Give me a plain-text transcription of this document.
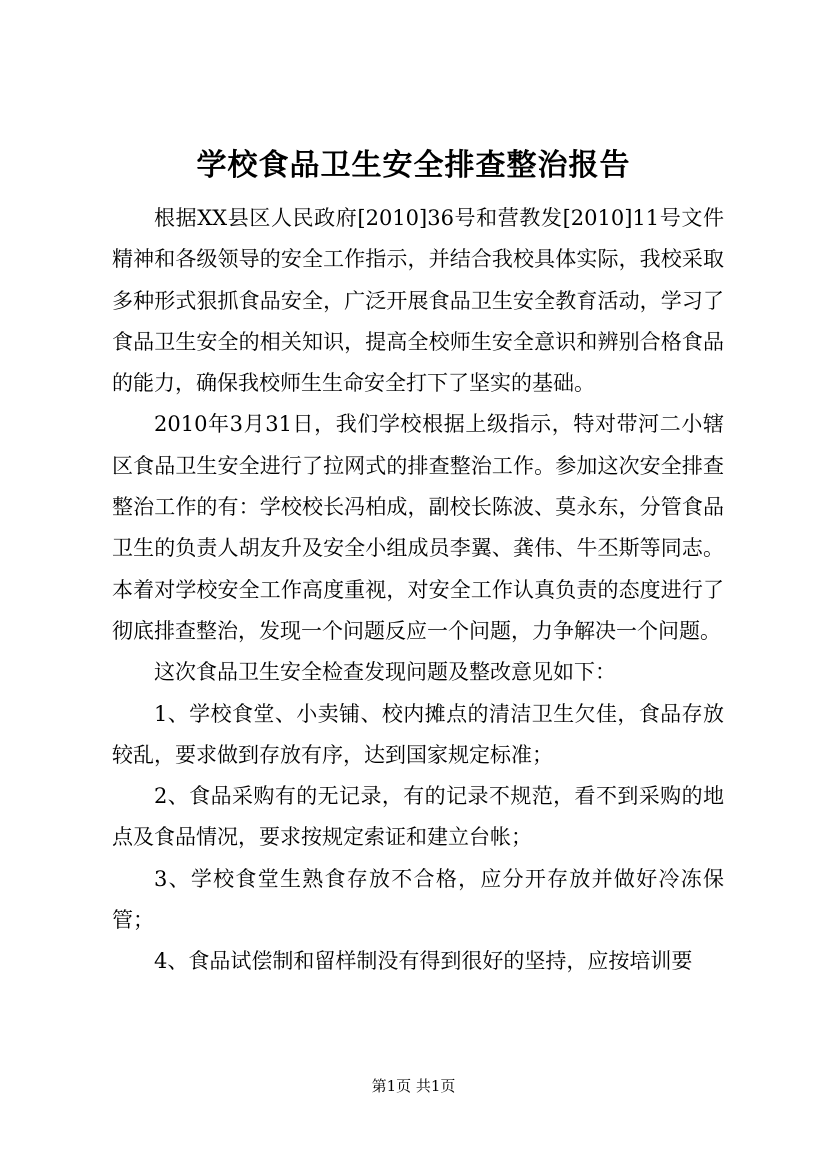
学校食品卫生安全排查整治报告

根据XX县区人民政府[2010]36号和营教发[2010]11号文件精神和各级领导的安全工作指示，并结合我校具体实际，我校采取多种形式狠抓食品安全，广泛开展食品卫生安全教育活动，学习了食品卫生安全的相关知识，提高全校师生安全意识和辨别合格食品的能力，确保我校师生生命安全打下了坚实的基础。

2010年3月31日，我们学校根据上级指示，特对带河二小辖区食品卫生安全进行了拉网式的排查整治工作。参加这次安全排查整治工作的有：学校校长冯柏成，副校长陈波、莫永东，分管食品卫生的负责人胡友升及安全小组成员李翼、龚伟、牛丕斯等同志。本着对学校安全工作高度重视，对安全工作认真负责的态度进行了彻底排查整治，发现一个问题反应一个问题，力争解决一个问题。

这次食品卫生安全检查发现问题及整改意见如下：

1、学校食堂、小卖铺、校内摊点的清洁卫生欠佳，食品存放较乱，要求做到存放有序，达到国家规定标准；

2、食品采购有的无记录，有的记录不规范，看不到采购的地点及食品情况，要求按规定索证和建立台帐；

3、学校食堂生熟食存放不合格，应分开存放并做好冷冻保管；

4、食品试偿制和留样制没有得到很好的坚持，应按培训要

第1页 共1页
